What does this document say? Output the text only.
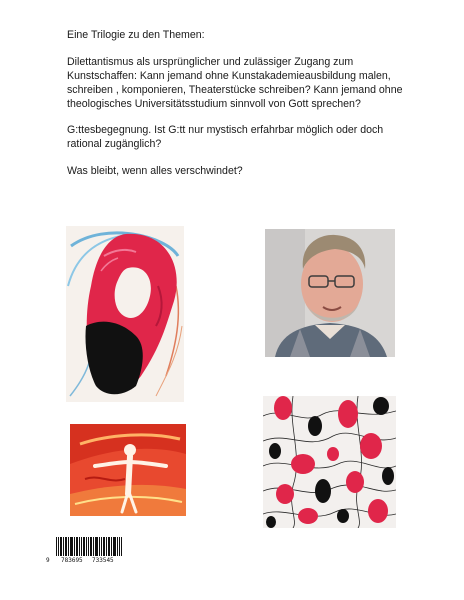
Eine Trilogie zu den Themen:

Dilettantismus als ursprünglicher und zulässiger Zugang zum Kunstschaffen: Kann jemand ohne Kunstakademieausbildung malen, schreiben , komponieren, Theaterstücke schreiben? Kann jemand ohne theologisches Universitätsstudium sinnvoll von Gott sprechen?

G:ttesbegegnung. Ist G:tt nur mystisch erfahrbar möglich oder doch rational zugänglich?

Was bleibt, wenn alles verschwindet?

9 783695 733545
